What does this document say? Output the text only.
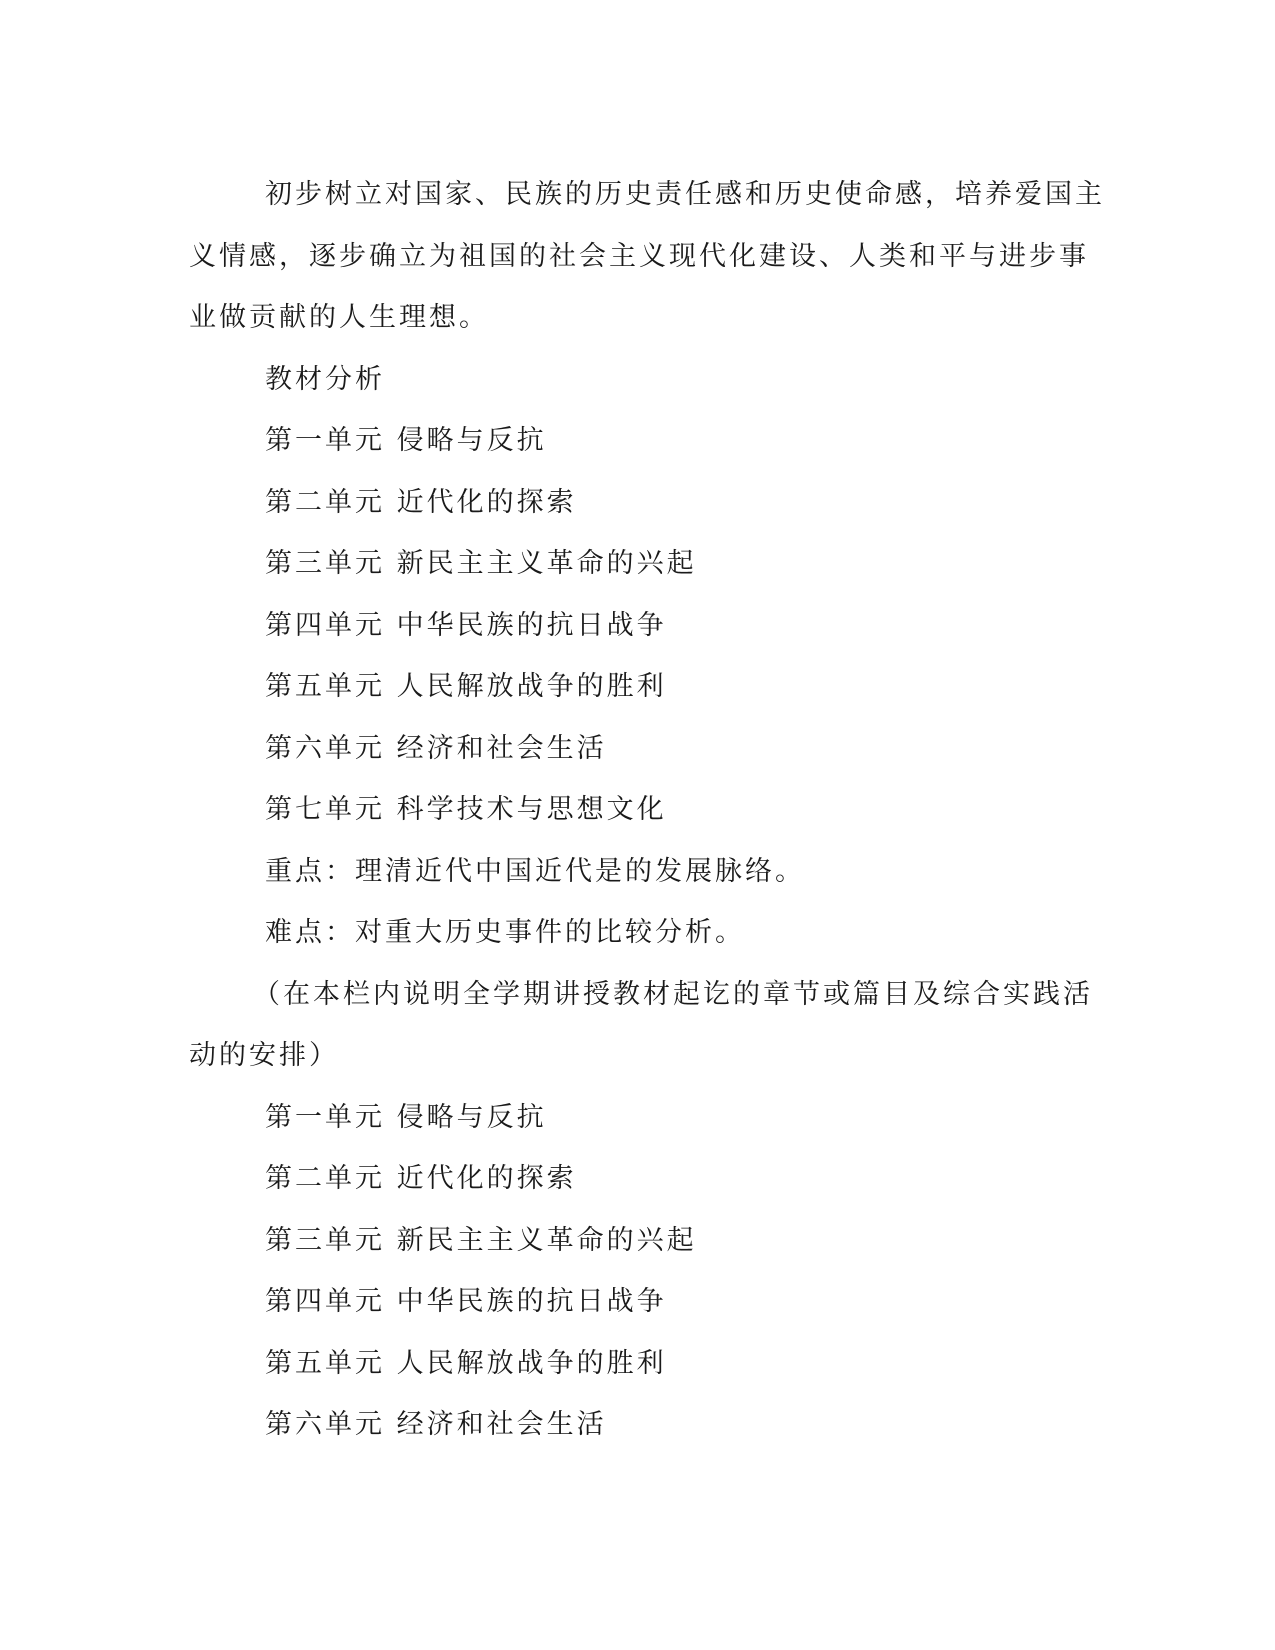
初步树立对国家、民族的历史责任感和历史使命感，培养爱国主
义情感，逐步确立为祖国的社会主义现代化建设、人类和平与进步事
业做贡献的人生理想。
教材分析
第一单元 侵略与反抗
第二单元 近代化的探索
第三单元 新民主主义革命的兴起
第四单元 中华民族的抗日战争
第五单元 人民解放战争的胜利
第六单元 经济和社会生活
第七单元 科学技术与思想文化
重点：理清近代中国近代是的发展脉络。
难点：对重大历史事件的比较分析。
（在本栏内说明全学期讲授教材起讫的章节或篇目及综合实践活
动的安排）
第一单元 侵略与反抗
第二单元 近代化的探索
第三单元 新民主主义革命的兴起
第四单元 中华民族的抗日战争
第五单元 人民解放战争的胜利
第六单元 经济和社会生活
